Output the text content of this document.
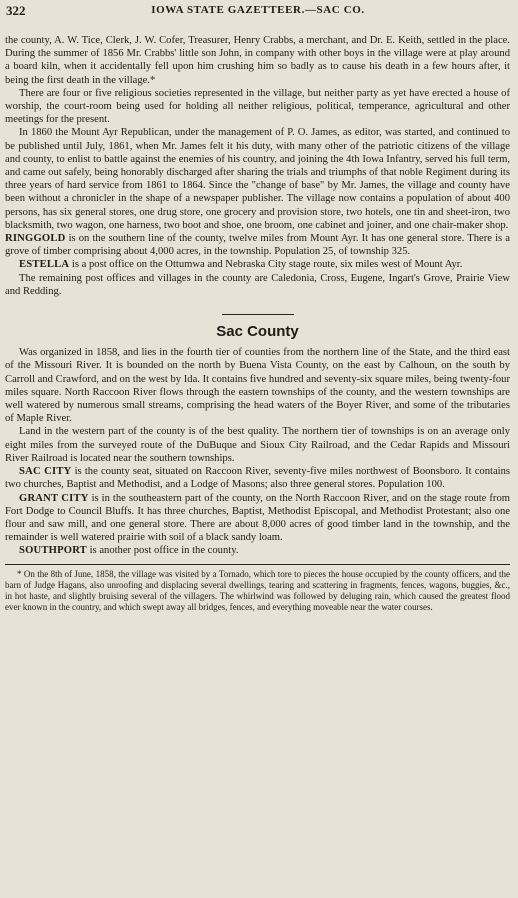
322	IOWA STATE GAZETTEER.—SAC CO.

the county, A. W. Tice, Clerk, J. W. Cofer, Treasurer, Henry Crabbs, a merchant, and Dr. E. Keith, settled in the place. During the summer of 1856 Mr. Crabbs' little son John, in company with other boys in the village were at play around a board kiln, when it accidentally fell upon him crushing him so badly as to cause his death in a few hours after, it being the first death in the village.*

There are four or five religious societies represented in the village, but neither party as yet have erected a house of worship, the court-room being used for holding all neither religious, political, temperance, agricultural and other meetings for the present.

In 1860 the Mount Ayr Republican, under the management of P. O. James, as editor, was started, and continued to be published until July, 1861, when Mr. James felt it his duty, with many other of the patriotic citizens of the village and county, to enlist to battle against the enemies of his country, and joining the 4th Iowa Infantry, served his full term, and came out safely, being honorably discharged after sharing the trials and triumphs of that noble Regiment during its three years of hard service from 1861 to 1864. Since the "change of base" by Mr. James, the village and county have been without a chronicler in the shape of a newspaper publisher. The village now contains a population of about 400 persons, has six general stores, one drug store, one grocery and provision store, two hotels, one tin and sheet-iron, two blacksmith, two wagon, one harness, two boot and shoe, one broom, one cabinet and joiner, and one chair-maker shop.

RINGGOLD is on the southern line of the county, twelve miles from Mount Ayr. It has one general store. There is a grove of timber comprising about 4,000 acres, in the township. Population 25, of township 325.

ESTELLA is a post office on the Ottumwa and Nebraska City stage route, six miles west of Mount Ayr.

The remaining post offices and villages in the county are Caledonia, Cross, Eugene, Ingart's Grove, Prairie View and Redding.

Sac County

Was organized in 1858, and lies in the fourth tier of counties from the northern line of the State, and the third east of the Missouri River. It is bounded on the north by Buena Vista County, on the east by Calhoun, on the south by Carroll and Crawford, and on the west by Ida. It contains five hundred and seventy-six square miles, being twenty-four miles square. North Raccoon River flows through the eastern townships of the county, and the western townships are well watered by numerous small streams, comprising the head waters of the Boyer River, and some of the tributaries of Maple River.

Land in the western part of the county is of the best quality. The northern tier of townships is on an average only eight miles from the surveyed route of the DuBuque and Sioux City Railroad, and the Cedar Rapids and Missouri River Railroad is located near the southern townships.

SAC CITY is the county seat, situated on Raccoon River, seventy-five miles northwest of Boonsboro. It contains two churches, Baptist and Methodist, and a Lodge of Masons; also three general stores. Population 100.

GRANT CITY is in the southeastern part of the county, on the North Raccoon River, and on the stage route from Fort Dodge to Council Bluffs. It has three churches, Baptist, Methodist Episcopal, and Methodist Protestant; also one flour and saw mill, and one general store. There are about 8,000 acres of good timber land in the township, and the remainder is well watered prairie with soil of a black sandy loam.

SOUTHPORT is another post office in the county.

* On the 8th of June, 1858, the village was visited by a Tornado, which tore to pieces the house occupied by the county officers, and the barn of Judge Hagans, also unroofing and displacing several dwellings, tearing and scattering in fragments, fences, wagons, buggies, &c., in hot haste, and slightly bruising several of the villagers. The whirlwind was followed by deluging rain, which caused the greatest flood ever known in the country, and which swept away all bridges, fences, and everything moveable near the water courses.
